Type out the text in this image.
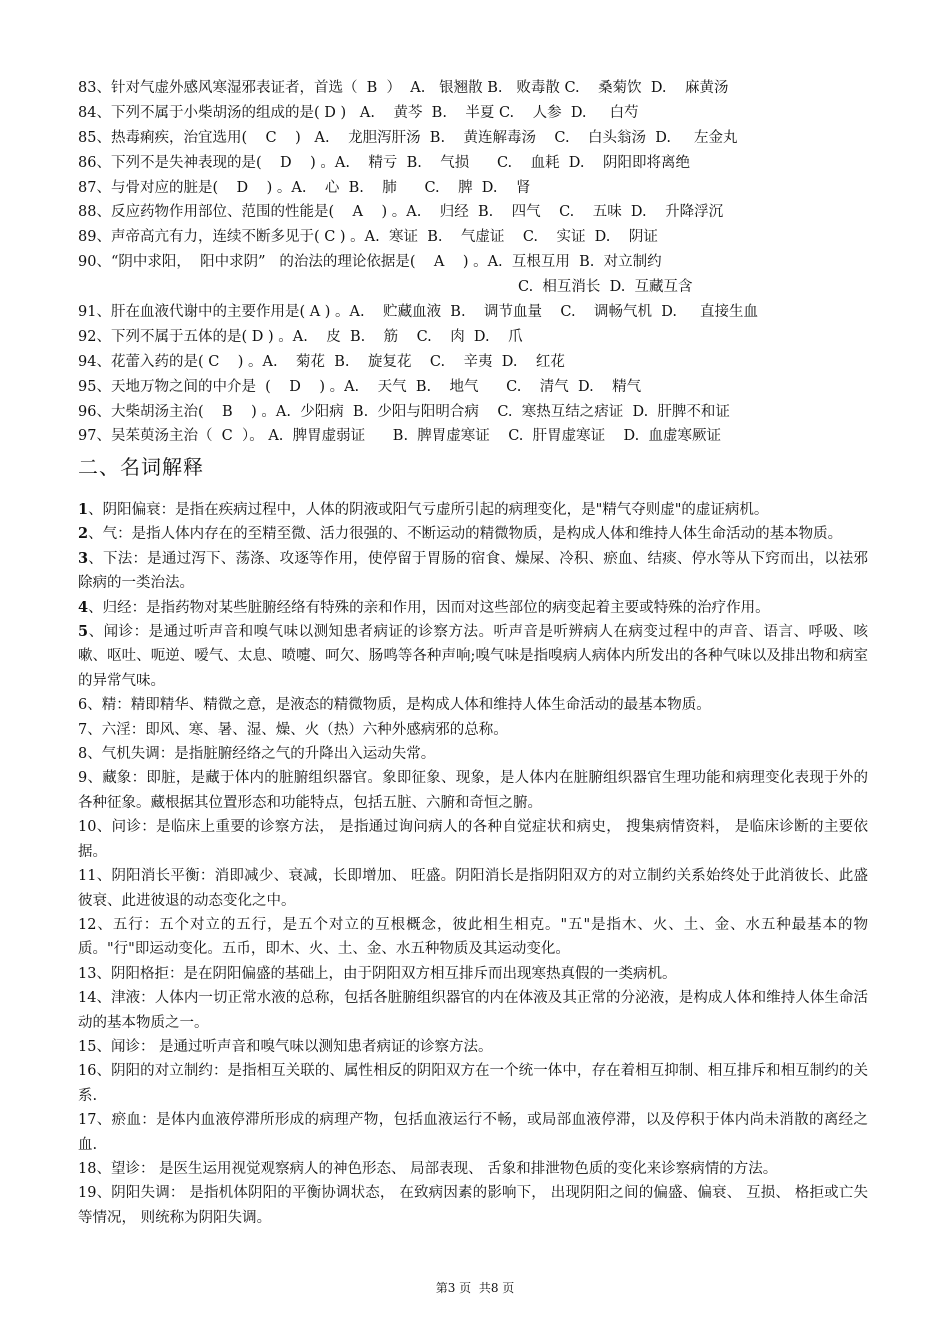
83、针对气虚外感风寒湿邪表证者，首选（  B  ）  A.   银翘散 B.   败毒散 C.    桑菊饮  D.    麻黄汤
84、下列不属于小柴胡汤的组成的是( D )   A.    黄芩  B.    半夏 C.    人参  D.     白芍
85、热毒痢疾，治宜选用(    C    )   A.    龙胆泻肝汤  B.    黄连解毒汤    C.    白头翁汤  D.     左金丸
86、下列不是失神表现的是(    D    ) 。A.    精亏  B.    气损      C.    血耗  D.    阴阳即将离绝
87、与骨对应的脏是(    D    ) 。A.    心  B.    肺      C.    脾  D.    肾
88、反应药物作用部位、范围的性能是(    A    ) 。A.    归经  B.    四气    C.    五味  D.    升降浮沉
89、声帝高亢有力，连续不断多见于( C ) 。A.  寒证  B.    气虚证    C.    实证  D.    阴证
90、“阴中求阳，  阳中求阴”   的治法的理论依据是(    A    ) 。A.  互根互用  B.  对立制约
C.  相互消长  D.  互藏互含
91、肝在血液代谢中的主要作用是( A ) 。A.    贮藏血液  B.    调节血量    C.    调畅气机  D.     直接生血
92、下列不属于五体的是( D ) 。A.    皮  B.    筋    C.    肉  D.    爪
94、花蕾入药的是( C    ) 。A.    菊花  B.    旋复花    C.    辛夷  D.    红花
95、天地万物之间的中介是  (    D    ) 。A.    天气  B.    地气      C.    清气  D.    精气
96、大柴胡汤主治(    B    ) 。A.  少阳病  B.  少阳与阳明合病    C.  寒热互结之痞证  D.  肝脾不和证
97、吴茱萸汤主治（  C  ）。 A.  脾胃虚弱证      B.  脾胃虚寒证    C.  肝胃虚寒证    D.  血虚寒厥证
二、名词解释
1、阴阳偏衰：是指在疾病过程中，人体的阴液或阳气亏虚所引起的病理变化，是"精气夺则虚"的虚证病机。
2、气：是指人体内存在的至精至微、活力很强的、不断运动的精微物质，是构成人体和维持人体生命活动的基本物质。
3、下法：是通过泻下、荡涤、攻逐等作用，使停留于胃肠的宿食、燥屎、冷积、瘀血、结痰、停水等从下窍而出，以祛邪除病的一类治法。
4、归经：是指药物对某些脏腑经络有特殊的亲和作用，因而对这些部位的病变起着主要或特殊的治疗作用。
5、闻诊：是通过听声音和嗅气味以测知患者病证的诊察方法。听声音是听辨病人在病变过程中的声音、语言、呼吸、咳嗽、呕吐、呃逆、嗳气、太息、喷嚏、呵欠、肠鸣等各种声响;嗅气味是指嗅病人病体内所发出的各种气味以及排出物和病室的异常气味。
6、精：精即精华、精微之意，是液态的精微物质，是构成人体和维持人体生命活动的最基本物质。
7、六淫：即风、寒、暑、湿、燥、火（热）六种外感病邪的总称。
8、气机失调：是指脏腑经络之气的升降出入运动失常。
9、藏象：即脏，是藏于体内的脏腑组织器官。象即征象、现象，是人体内在脏腑组织器官生理功能和病理变化表现于外的各种征象。藏根据其位置形态和功能特点，包括五脏、六腑和奇恒之腑。
10、问诊：是临床上重要的诊察方法， 是指通过询问病人的各种自觉症状和病史， 搜集病情资料， 是临床诊断的主要依据。
11、阴阳消长平衡：消即减少、衰减，长即增加、 旺盛。阴阳消长是指阴阳双方的对立制约关系始终处于此消彼长、此盛彼衰、此进彼退的动态变化之中。
12、五行：五个对立的五行，是五个对立的互根概念，彼此相生相克。"五"是指木、火、土、金、水五种最基本的物质。"行"即运动变化。五币，即木、火、土、金、水五种物质及其运动变化。
13、阴阳格拒：是在阴阳偏盛的基础上，由于阴阳双方相互排斥而出现寒热真假的一类病机。
14、津液：人体内一切正常水液的总称，包括各脏腑组织器官的内在体液及其正常的分泌液，是构成人体和维持人体生命活动的基本物质之一。
15、闻诊： 是通过听声音和嗅气味以测知患者病证的诊察方法。
16、阴阳的对立制约：是指相互关联的、属性相反的阴阳双方在一个统一体中，存在着相互抑制、相互排斥和相互制约的关系.
17、瘀血：是体内血液停滞所形成的病理产物，包括血液运行不畅，或局部血液停滞，以及停积于体内尚未消散的离经之血.
18、望诊： 是医生运用视觉观察病人的神色形态、 局部表现、 舌象和排泄物色质的变化来诊察病情的方法。
19、阴阳失调： 是指机体阴阳的平衡协调状态， 在致病因素的影响下， 出现阴阳之间的偏盛、偏衰、 互损、 格拒或亡失等情况， 则统称为阴阳失调。
第3 页  共8 页
